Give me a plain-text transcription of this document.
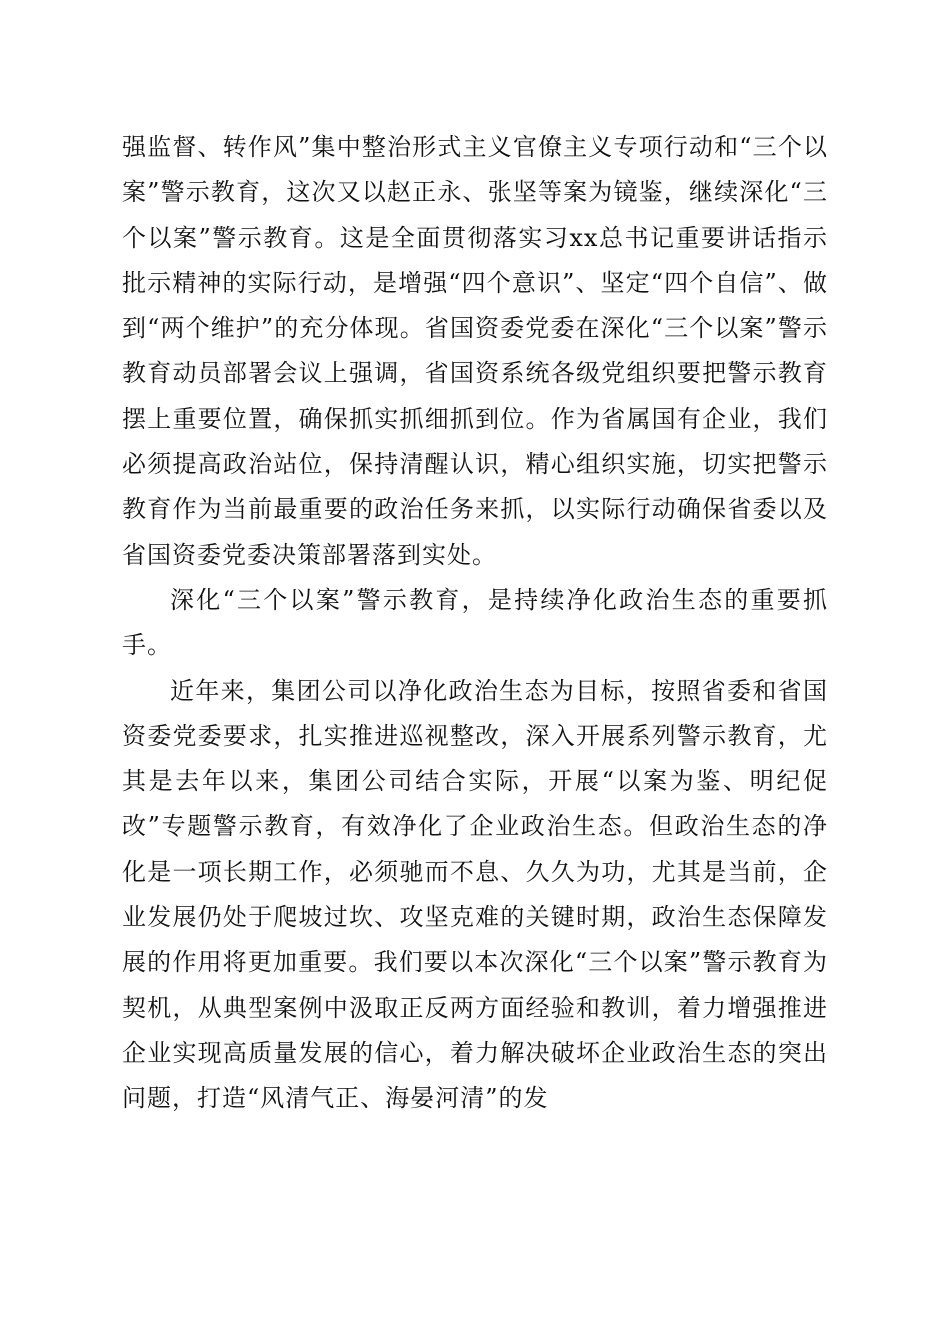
强监督、转作风”集中整治形式主义官僚主义专项行动和“三个以案”警示教育，这次又以赵正永、张坚等案为镜鉴，继续深化“三个以案”警示教育。这是全面贯彻落实习xx总书记重要讲话指示批示精神的实际行动，是增强“四个意识”、坚定“四个自信”、做到“两个维护”的充分体现。省国资委党委在深化“三个以案”警示教育动员部署会议上强调，省国资系统各级党组织要把警示教育摆上重要位置，确保抓实抓细抓到位。作为省属国有企业，我们必须提高政治站位，保持清醒认识，精心组织实施，切实把警示教育作为当前最重要的政治任务来抓，以实际行动确保省委以及省国资委党委决策部署落到实处。

深化“三个以案”警示教育，是持续净化政治生态的重要抓手。

近年来，集团公司以净化政治生态为目标，按照省委和省国资委党委要求，扎实推进巡视整改，深入开展系列警示教育，尤其是去年以来，集团公司结合实际，开展“以案为鉴、明纪促改”专题警示教育，有效净化了企业政治生态。但政治生态的净化是一项长期工作，必须驰而不息、久久为功，尤其是当前，企业发展仍处于爬坡过坎、攻坚克难的关键时期，政治生态保障发展的作用将更加重要。我们要以本次深化“三个以案”警示教育为契机，从典型案例中汲取正反两方面经验和教训，着力增强推进企业实现高质量发展的信心，着力解决破坏企业政治生态的突出问题，打造“风清气正、海晏河清”的发
